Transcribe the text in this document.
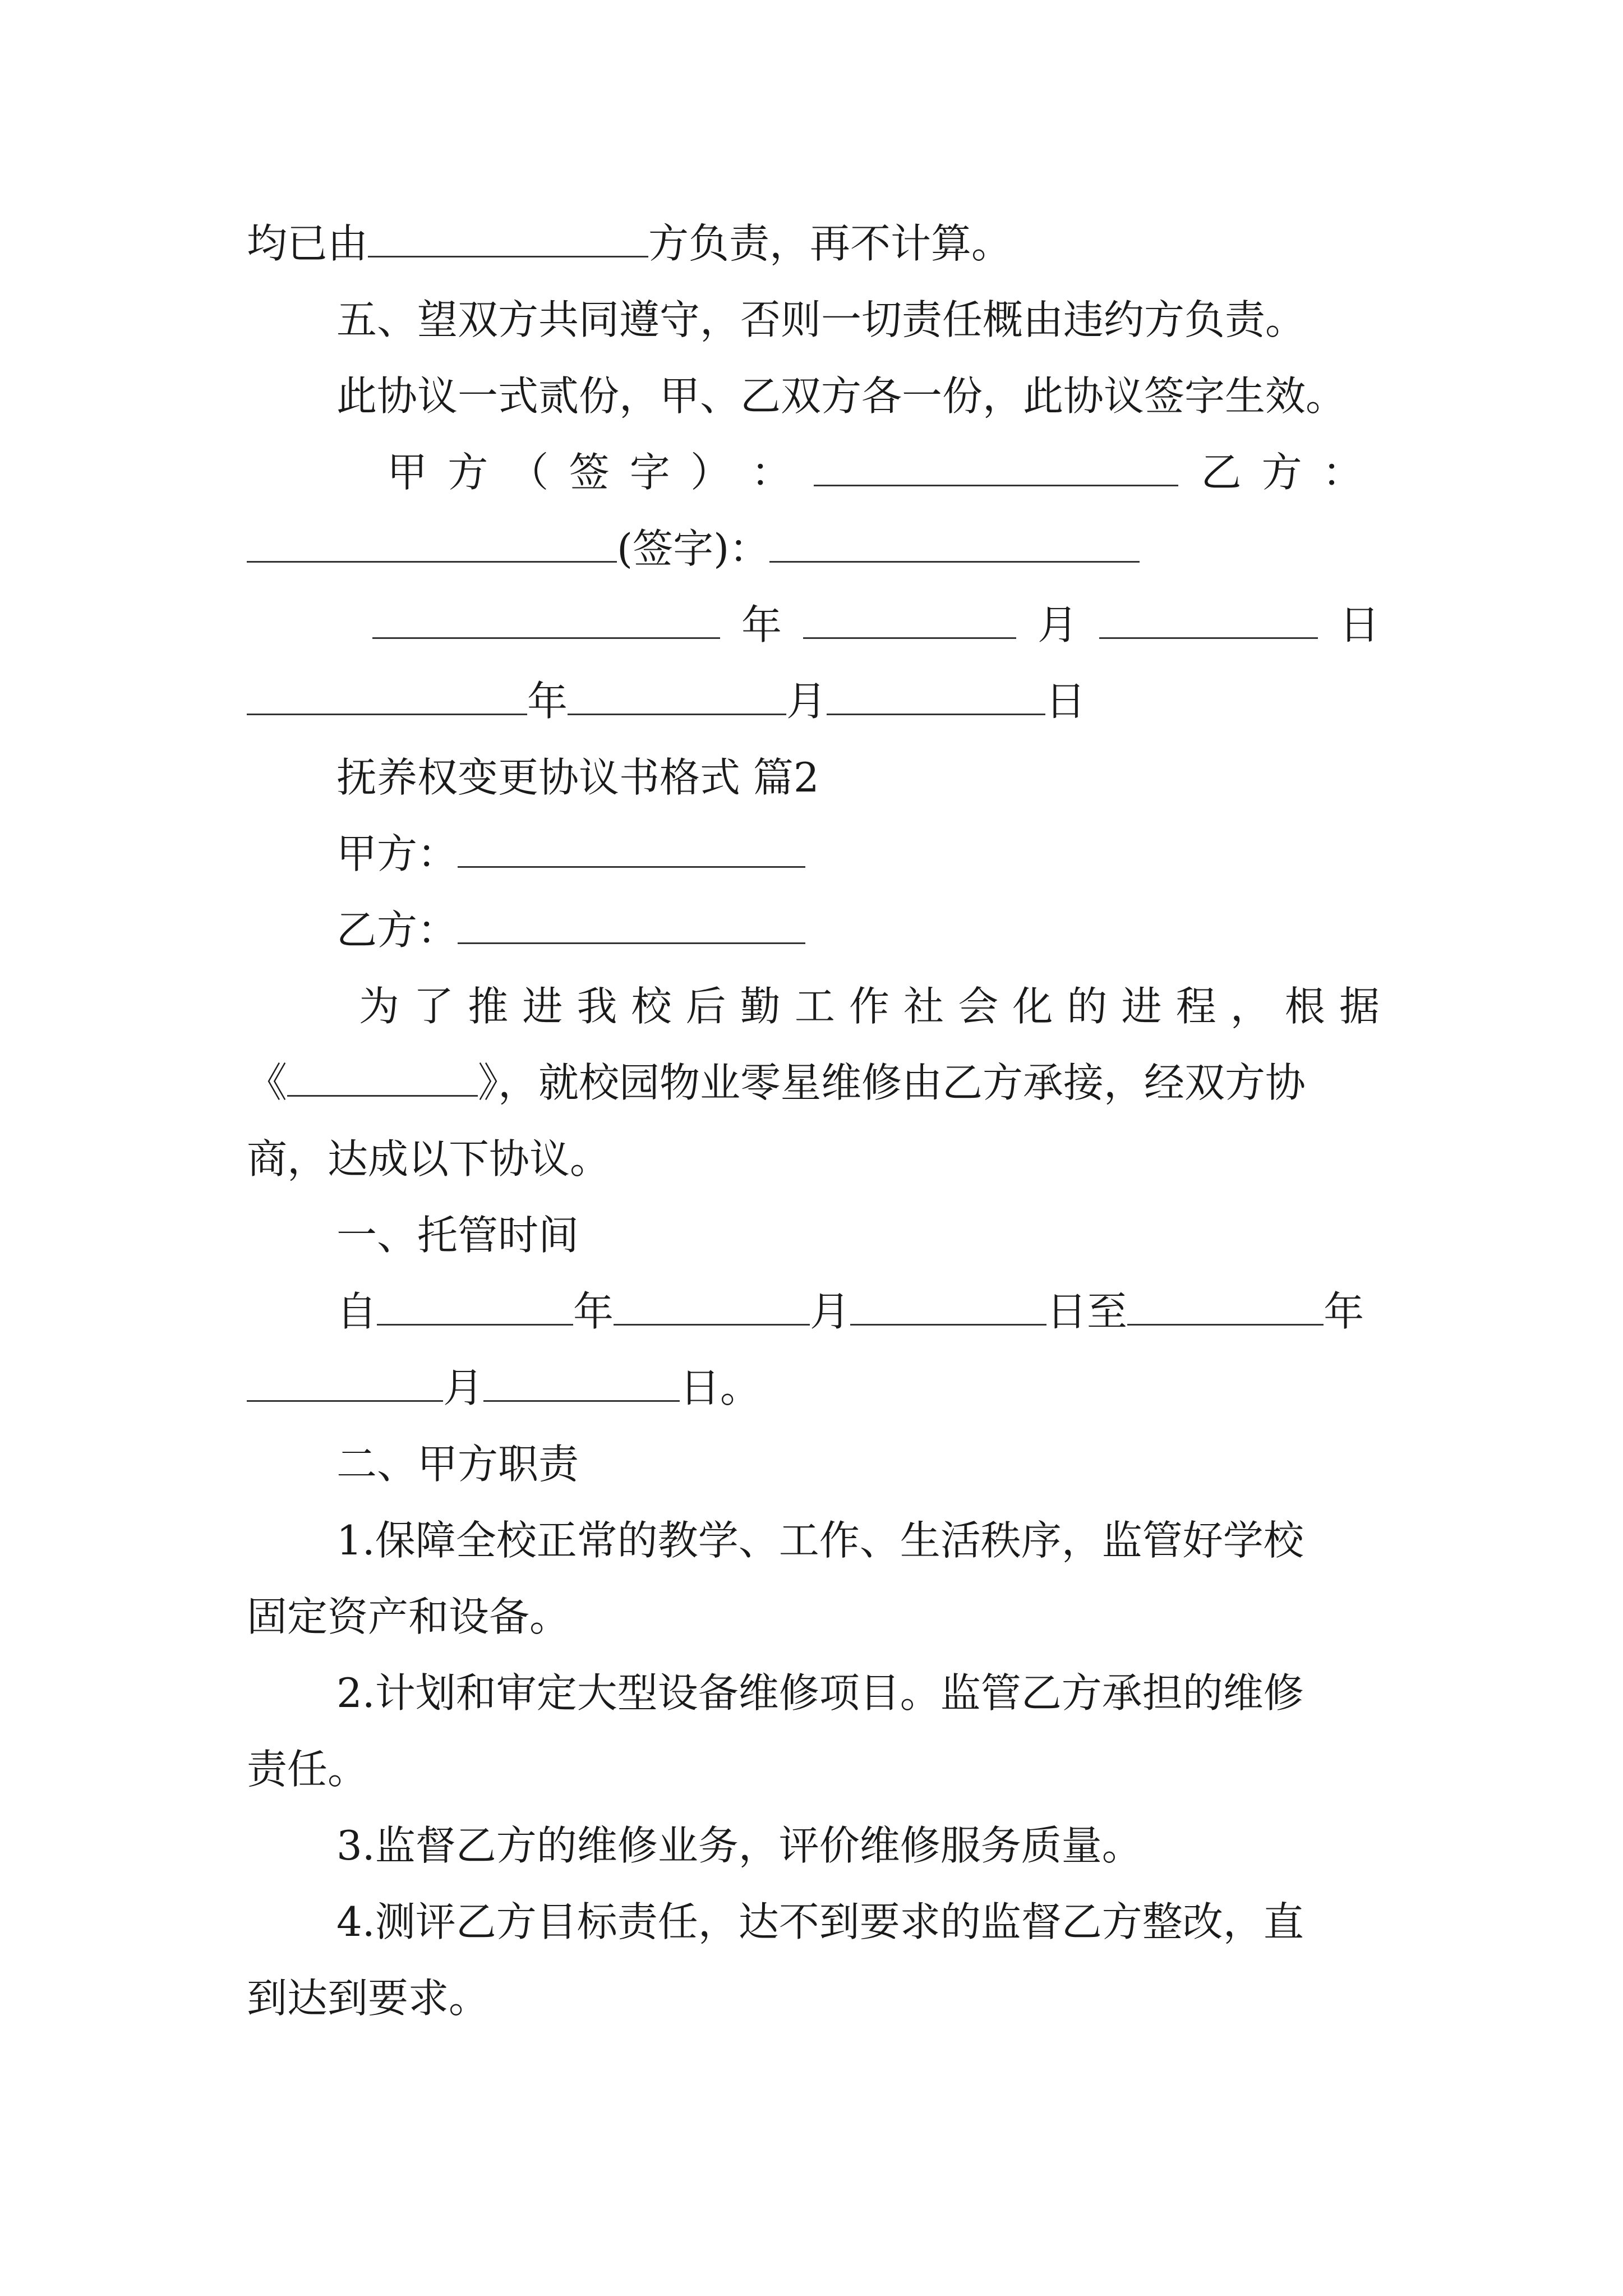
均已由	方负责，再不计算。
五、望双方共同遵守，否则一切责任概由违约方负责。
此协议一式贰份，甲、乙双方各一份，此协议签字生效。
甲 方 （ 签 字 ） ：	乙 方 ：
(签字)：
年	月	日
年	月	日
抚养权变更协议书格式 篇2
甲方：
乙方：
为 了 推 进 我 校 后 勤 工 作 社 会 化 的 进 程 ， 根 据
《	》，就校园物业零星维修由乙方承接，经双方协
商，达成以下协议。
一、托管时间
自	年	月	日至	年
月	日。
二、甲方职责
1.保障全校正常的教学、工作、生活秩序，监管好学校
固定资产和设备。
2.计划和审定大型设备维修项目。监管乙方承担的维修
责任。
3.监督乙方的维修业务，评价维修服务质量。
4.测评乙方目标责任，达不到要求的监督乙方整改，直
到达到要求。
